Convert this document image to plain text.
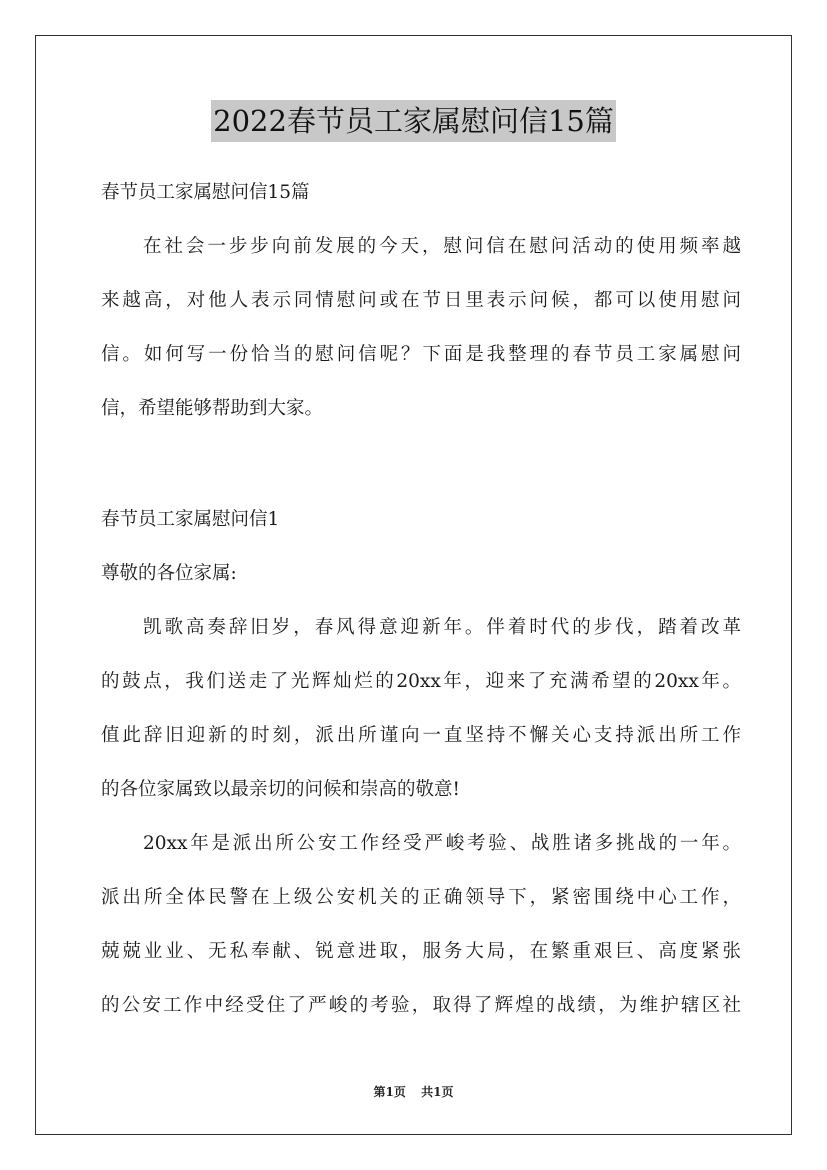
2022春节员工家属慰问信15篇
春节员工家属慰问信15篇
在社会一步步向前发展的今天，慰问信在慰问活动的使用频率越
来越高，对他人表示同情慰问或在节日里表示问候，都可以使用慰问
信。如何写一份恰当的慰问信呢？下面是我整理的春节员工家属慰问
信，希望能够帮助到大家。
春节员工家属慰问信1
尊敬的各位家属:
凯歌高奏辞旧岁，春风得意迎新年。伴着时代的步伐，踏着改革
的鼓点，我们送走了光辉灿烂的20xx年，迎来了充满希望的20xx年。
值此辞旧迎新的时刻，派出所谨向一直坚持不懈关心支持派出所工作
的各位家属致以最亲切的问候和崇高的敬意!
20xx年是派出所公安工作经受严峻考验、战胜诸多挑战的一年。
派出所全体民警在上级公安机关的正确领导下，紧密围绕中心工作，
兢兢业业、无私奉献、锐意进取，服务大局，在繁重艰巨、高度紧张
的公安工作中经受住了严峻的考验，取得了辉煌的战绩，为维护辖区社
第1页 共1页
